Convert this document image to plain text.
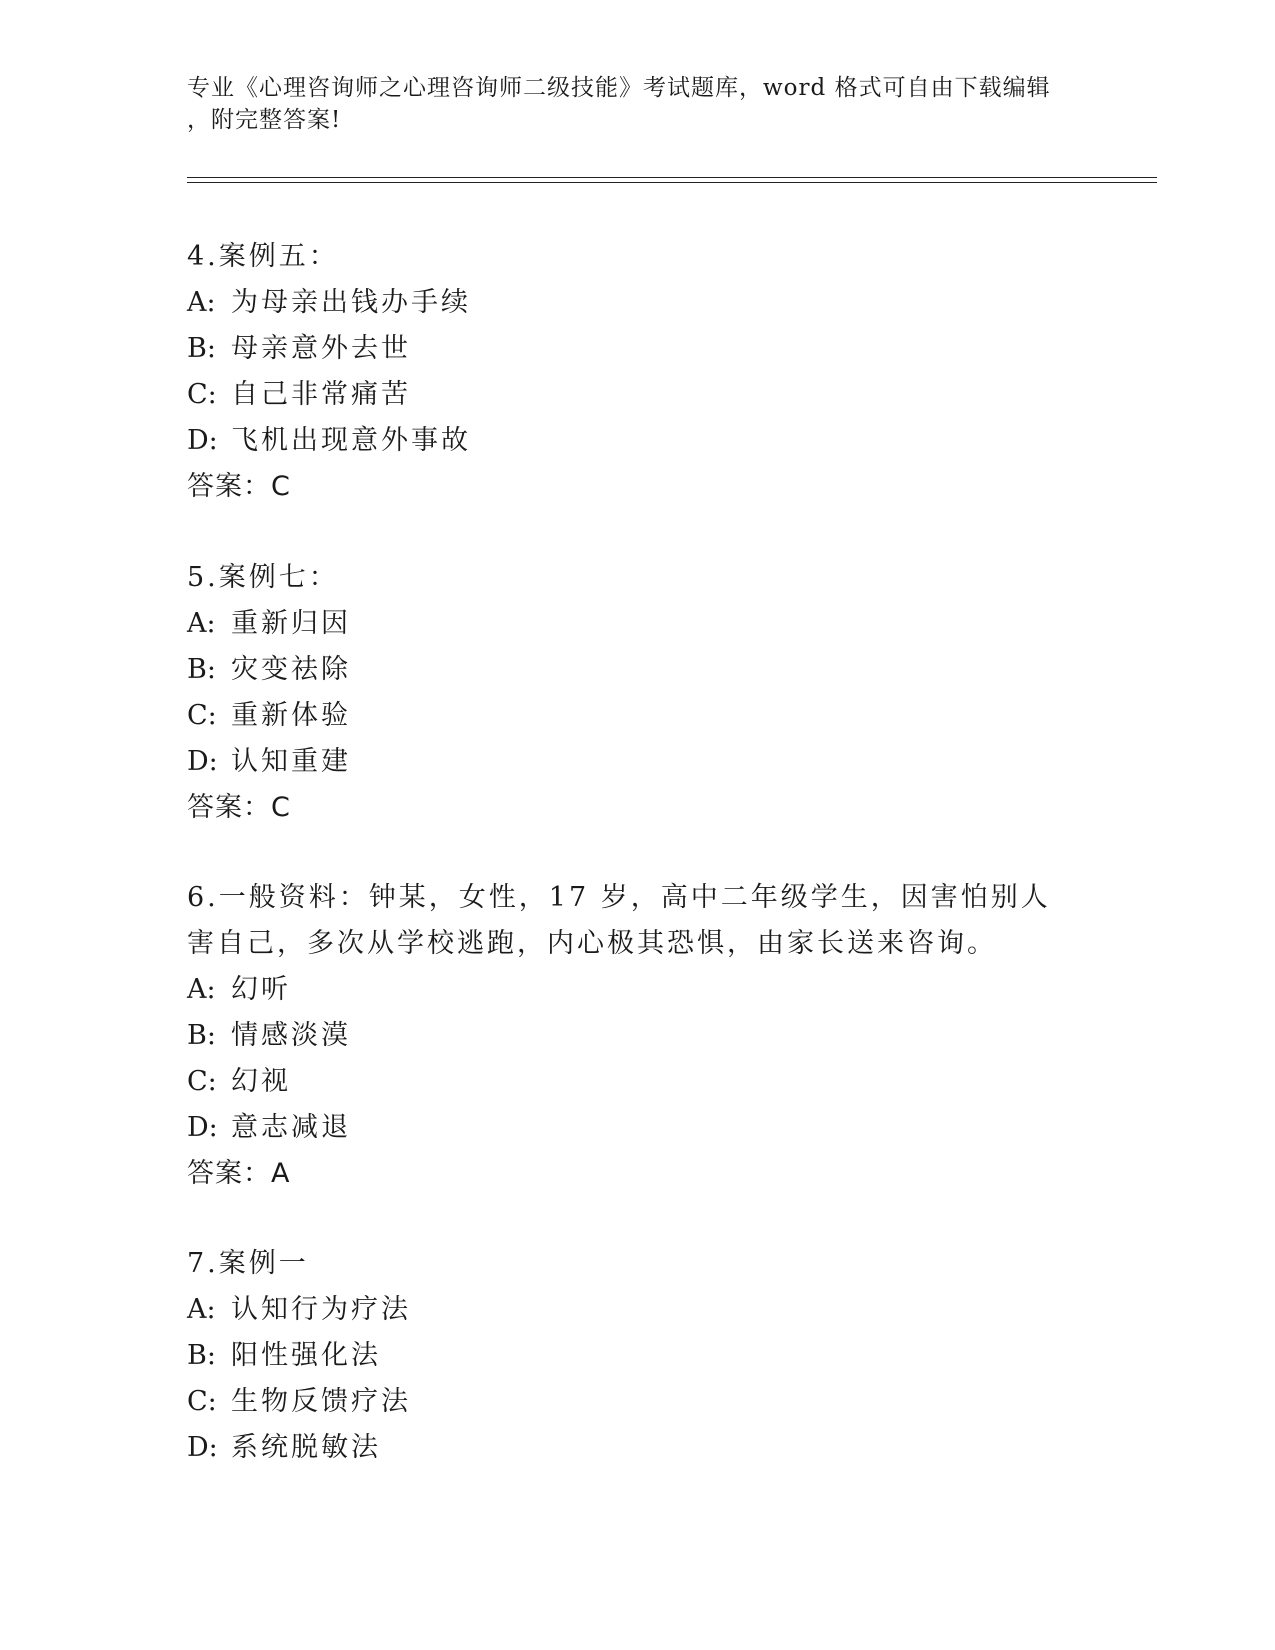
专业《心理咨询师之心理咨询师二级技能》考试题库，word 格式可自由下载编辑
，附完整答案!
4.案例五：
A: 为母亲出钱办手续
B: 母亲意外去世
C: 自己非常痛苦
D: 飞机出现意外事故
答案：C
5.案例七：
A: 重新归因
B: 灾变祛除
C: 重新体验
D: 认知重建
答案：C
6.一般资料：钟某，女性，17 岁，高中二年级学生，因害怕别人害自己，多次从学校逃跑，内心极其恐惧，由家长送来咨询。
A: 幻听
B: 情感淡漠
C: 幻视
D: 意志减退
答案：A
7.案例一
A: 认知行为疗法
B: 阳性强化法
C: 生物反馈疗法
D: 系统脱敏法
